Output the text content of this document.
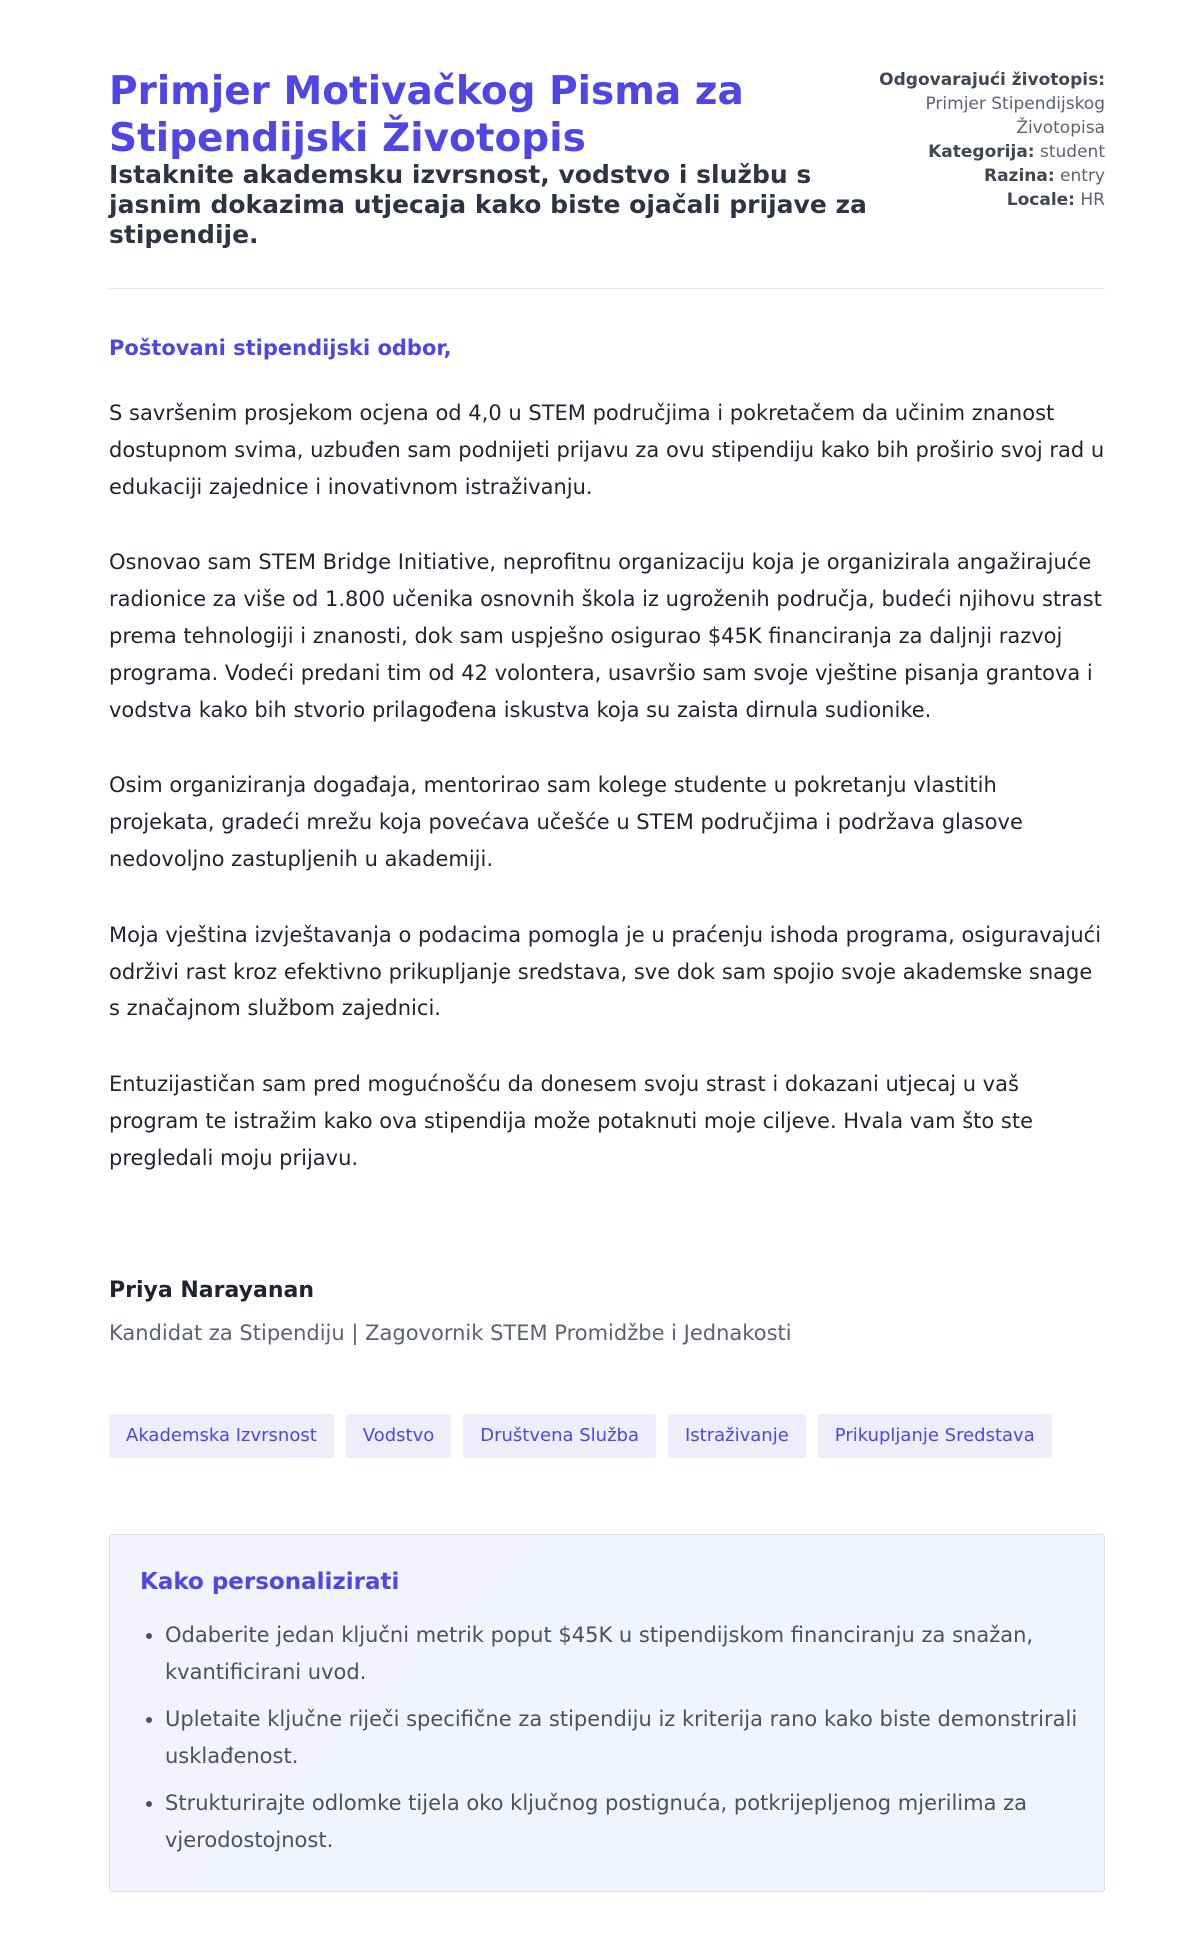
Primjer Motivačkog Pisma za Stipendijski Životopis

Istaknite akademsku izvrsnost, vodstvo i službu s jasnim dokazima utjecaja kako biste ojačali prijave za stipendije.

Odgovarajući životopis: Primjer Stipendijskog Životopisa

Kategorija: student

Razina: entry

Locale: HR

Poštovani stipendijski odbor,

S savršenim prosjekom ocjena od 4,0 u STEM područjima i pokretačem da učinim znanost dostupnom svima, uzbuđen sam podnijeti prijavu za ovu stipendiju kako bih proširio svoj rad u edukaciji zajednice i inovativnom istraživanju.

Osnovao sam STEM Bridge Initiative, neprofitnu organizaciju koja je organizirala angažirajuće radionice za više od 1.800 učenika osnovnih škola iz ugroženih područja, budeći njihovu strast prema tehnologiji i znanosti, dok sam uspješno osigurao $45K financiranja za daljnji razvoj programa. Vodeći predani tim od 42 volontera, usavršio sam svoje vještine pisanja grantova i vodstva kako bih stvorio prilagođena iskustva koja su zaista dirnula sudionike.

Osim organiziranja događaja, mentorirao sam kolege studente u pokretanju vlastitih projekata, gradeći mrežu koja povećava učešće u STEM područjima i podržava glasove nedovoljno zastupljenih u akademiji.

Moja vještina izvještavanja o podacima pomogla je u praćenju ishoda programa, osiguravajući održivi rast kroz efektivno prikupljanje sredstava, sve dok sam spojio svoje akademske snage s značajnom službom zajednici.

Entuzijastičan sam pred mogućnošću da donesem svoju strast i dokazani utjecaj u vaš program te istražim kako ova stipendija može potaknuti moje ciljeve. Hvala vam što ste pregledali moju prijavu.

Priya Narayanan

Kandidat za Stipendiju | Zagovornik STEM Promidžbe i Jednakosti

Akademska Izvrsnost	Vodstvo	Društvena Služba	Istraživanje	Prikupljanje Sredstava
Kako personalizirati
• Odaberite jedan ključni metrik poput $45K u stipendijskom financiranju za snažan, kvantificirani uvod.
• Upletaite ključne riječi specifične za stipendiju iz kriterija rano kako biste demonstrirali usklađenost.
• Strukturirajte odlomke tijela oko ključnog postignuća, potkrijepljenog mjerilima za vjerodostojnost.
